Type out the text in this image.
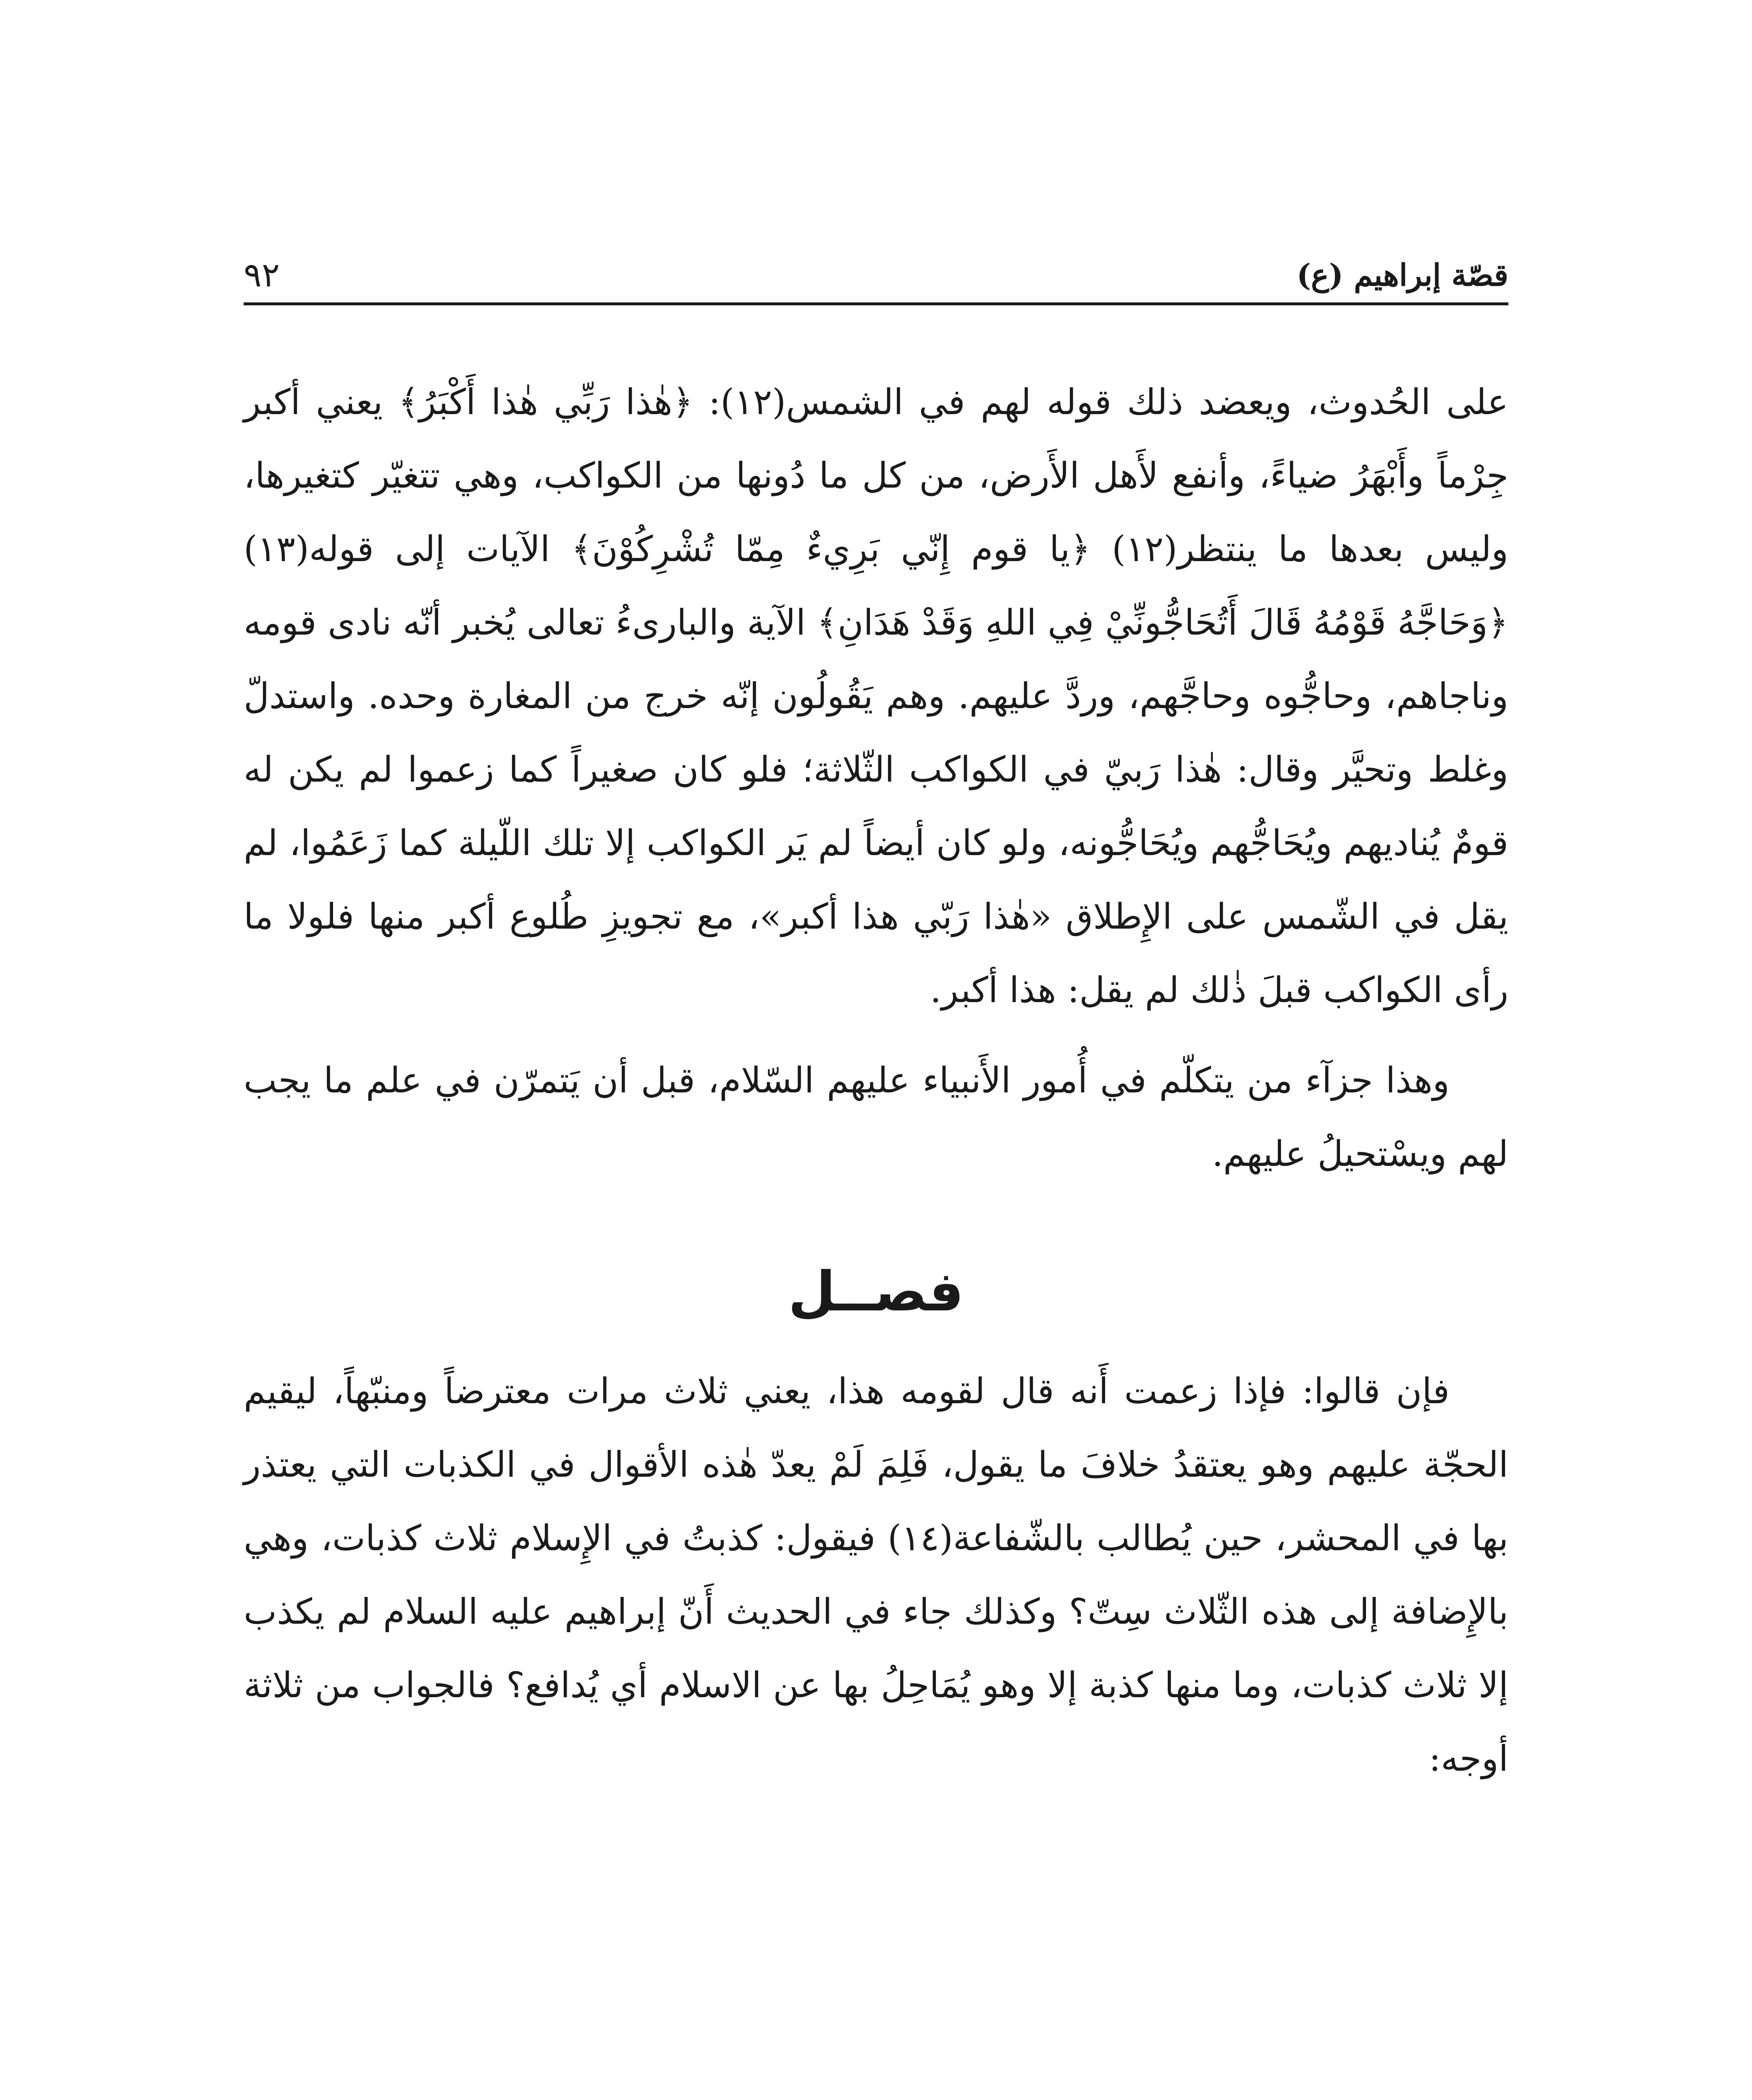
قصّة إبراهيم (ع)
٩٢

على الحُدوث، ويعضد ذلك قوله لهم في الشمس(١٢): ﴿هٰذا رَبِّي هٰذا أَكْبَرُ﴾ يعني أكبر جِرْماً وأَبْهَرُ ضياءً، وأنفع لأَهل الأَرض، من كل ما دُونها من الكواكب، وهي تتغيّر كتغيرها، وليس بعدها ما ينتظر(١٢) ﴿يا قوم إِنّي بَرِيءٌ مِمّا تُشْرِكُوْنَ﴾ الآيات إلى قوله(١٣) ﴿وَحَاجَّهُ قَوْمُهُ قَالَ أَتُحَاجُّونِّيْ فِي اللهِ وَقَدْ هَدَانِ﴾ الآية والبارىءُ تعالى يُخبر أنّه نادى قومه وناجاهم، وحاجُّوه وحاجَّهم، وردَّ عليهم. وهم يَقُولُون إنّه خرج من المغارة وحده. واستدلّ وغلط وتحيَّر وقال: هٰذا رَبيّ في الكواكب الثّلاثة؛ فلو كان صغيراً كما زعموا لم يكن له قومٌ يُناديهم ويُحَاجُّهم ويُحَاجُّونه، ولو كان أيضاً لم يَر الكواكب إلا تلك اللّيلة كما زَعَمُوا، لم يقل في الشّمس على الإِطلاق «هٰذا رَبّي هذا أكبر»، مع تجويزِ طُلوع أكبر منها فلولا ما رأى الكواكب قبلَ ذٰلك لم يقل: هذا أكبر.

وهذا جزآء من يتكلّم في أُمور الأَنبياء عليهم السّلام، قبل أن يَتمرّن في علم ما يجب لهم ويسْتحيلُ عليهم.

فصــل

فإن قالوا: فإذا زعمت أَنه قال لقومه هذا، يعني ثلاث مرات معترضاً ومنبّهاً، ليقيم الحجّة عليهم وهو يعتقدُ خلافَ ما يقول، فَلِمَ لَمْ يعدّ هٰذه الأقوال في الكذبات التي يعتذر بها في المحشر، حين يُطالب بالشّفاعة(١٤) فيقول: كذبتُ في الإِسلام ثلاث كذبات، وهي بالإِضافة إلى هذه الثّلاث سِتّ؟ وكذلك جاء في الحديث أَنّ إبراهيم عليه السلام لم يكذب إلا ثلاث كذبات، وما منها كذبة إلا وهو يُمَاحِلُ بها عن الاسلام أي يُدافع؟ فالجواب من ثلاثة أوجه:
